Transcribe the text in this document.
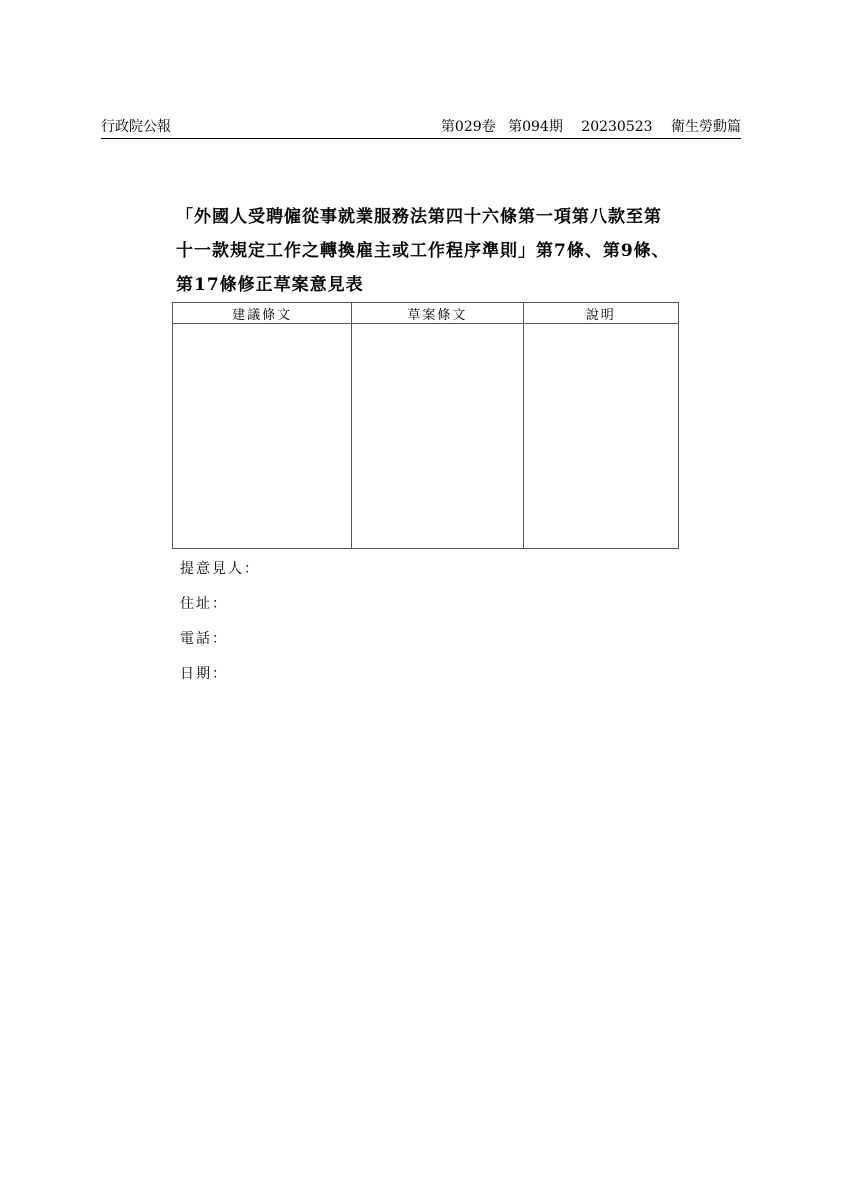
行政院公報	第029卷 第094期 20230523 衛生勞動篇
「外國人受聘僱從事就業服務法第四十六條第一項第八款至第
十一款規定工作之轉換雇主或工作程序準則」第7條、第9條、
第17條修正草案意見表
建議條文	草案條文	說明

提意見人：
住址：
電話：
日期：
